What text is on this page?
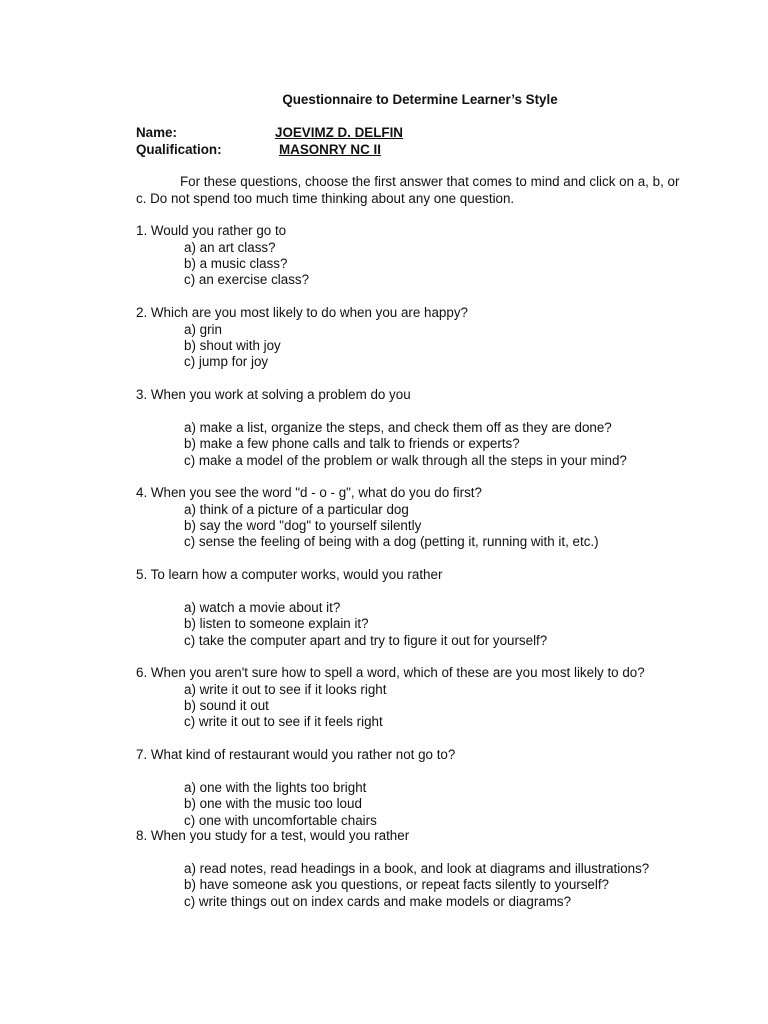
Questionnaire to Determine Learner’s Style
Name:	JOEVIMZ D. DELFIN
Qualification:	MASONRY NC II
For these questions, choose the first answer that comes to mind and click on a, b, or c. Do not spend too much time thinking about any one question.
1. Would you rather go to
a) an art class?
b) a music class?
c) an exercise class?
2. Which are you most likely to do when you are happy?
a) grin
b) shout with joy
c) jump for joy
3. When you work at solving a problem do you
a) make a list, organize the steps, and check them off as they are done?
b) make a few phone calls and talk to friends or experts?
c) make a model of the problem or walk through all the steps in your mind?
4. When you see the word "d - o - g", what do you do first?
a) think of a picture of a particular dog
b) say the word "dog" to yourself silently
c) sense the feeling of being with a dog (petting it, running with it, etc.)
5. To learn how a computer works, would you rather
a) watch a movie about it?
b) listen to someone explain it?
c) take the computer apart and try to figure it out for yourself?
6. When you aren't sure how to spell a word, which of these are you most likely to do?
a) write it out to see if it looks right
b) sound it out
c) write it out to see if it feels right
7. What kind of restaurant would you rather not go to?
a) one with the lights too bright
b) one with the music too loud
c) one with uncomfortable chairs
8. When you study for a test, would you rather
a) read notes, read headings in a book, and look at diagrams and illustrations?
b) have someone ask you questions, or repeat facts silently to yourself?
c) write things out on index cards and make models or diagrams?
